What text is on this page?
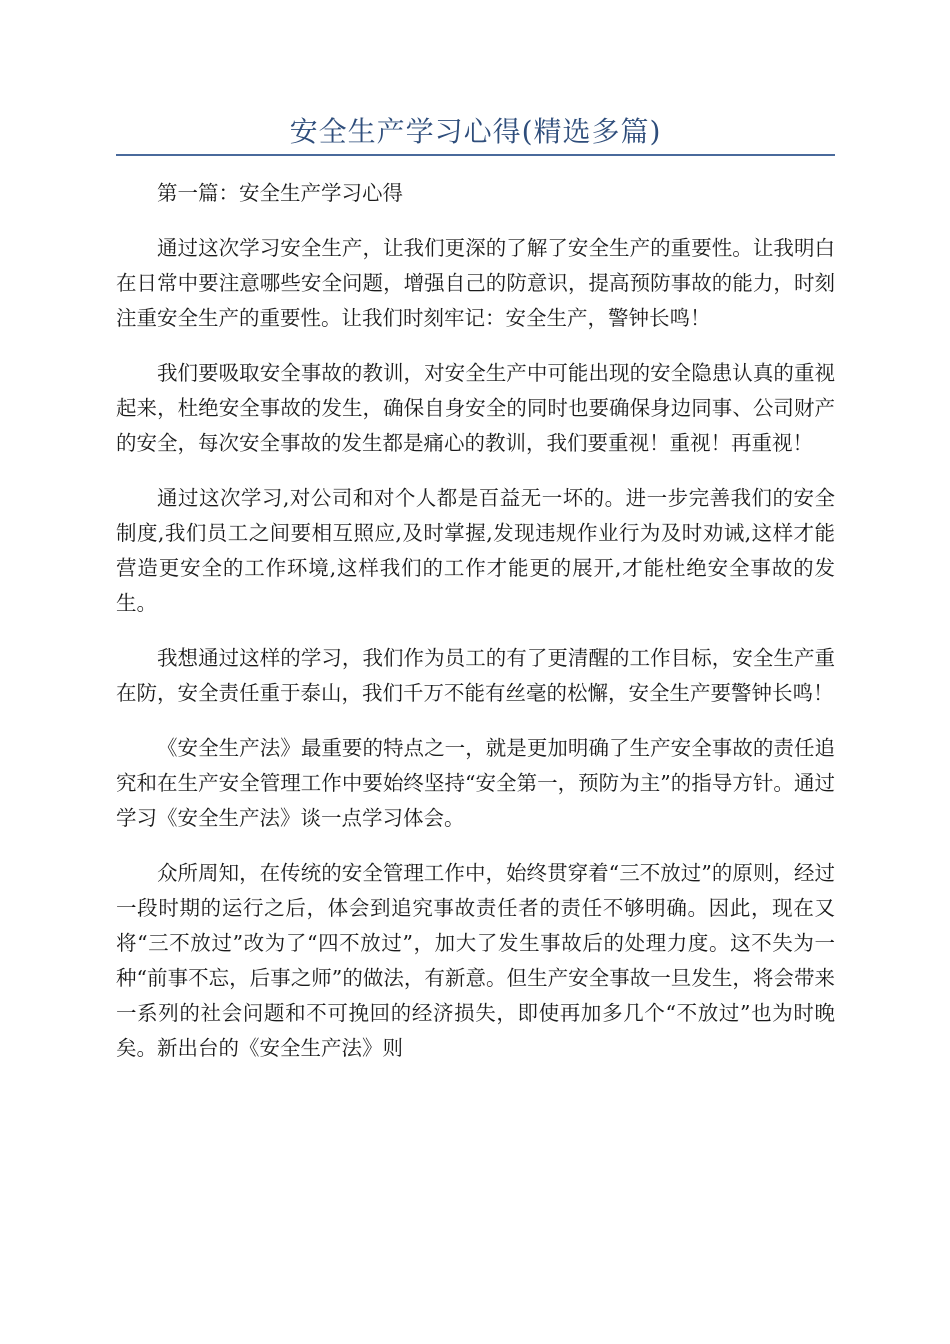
安全生产学习心得(精选多篇)

第一篇：安全生产学习心得

通过这次学习安全生产，让我们更深的了解了安全生产的重要性。让我明白在日常中要注意哪些安全问题，增强自己的防意识，提高预防事故的能力，时刻注重安全生产的重要性。让我们时刻牢记：安全生产，警钟长鸣！

我们要吸取安全事故的教训，对安全生产中可能出现的安全隐患认真的重视起来，杜绝安全事故的发生，确保自身安全的同时也要确保身边同事、公司财产的安全，每次安全事故的发生都是痛心的教训，我们要重视！重视！再重视！

通过这次学习,对公司和对个人都是百益无一坏的。进一步完善我们的安全制度,我们员工之间要相互照应,及时掌握,发现违规作业行为及时劝诫,这样才能营造更安全的工作环境,这样我们的工作才能更的展开,才能杜绝安全事故的发生。

我想通过这样的学习，我们作为员工的有了更清醒的工作目标，安全生产重在防，安全责任重于泰山，我们千万不能有丝毫的松懈，安全生产要警钟长鸣！

《安全生产法》最重要的特点之一，就是更加明确了生产安全事故的责任追究和在生产安全管理工作中要始终坚持“安全第一，预防为主”的指导方针。通过学习《安全生产法》谈一点学习体会。

众所周知，在传统的安全管理工作中，始终贯穿着“三不放过”的原则，经过一段时期的运行之后，体会到追究事故责任者的责任不够明确。因此，现在又将“三不放过”改为了“四不放过”，加大了发生事故后的处理力度。这不失为一种“前事不忘，后事之师”的做法，有新意。但生产安全事故一旦发生，将会带来一系列的社会问题和不可挽回的经济损失，即使再加多几个“不放过”也为时晚矣。新出台的《安全生产法》则
